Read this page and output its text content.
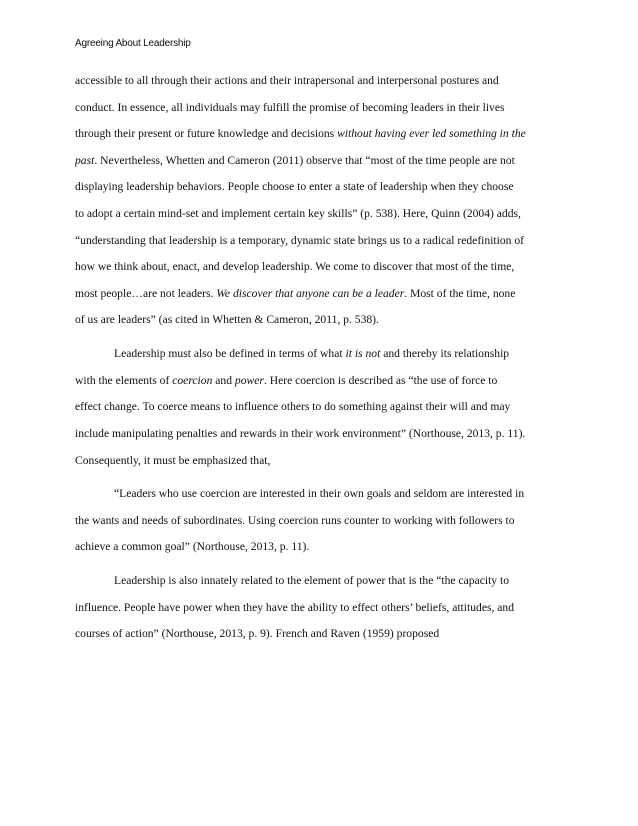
Agreeing About Leadership
accessible to all through their actions and their intrapersonal and interpersonal postures and
conduct. In essence, all individuals may fulfill the promise of becoming leaders in their lives
through their present or future knowledge and decisions without having ever led something in the
past. Nevertheless, Whetten and Cameron (2011) observe that “most of the time people are not
displaying leadership behaviors. People choose to enter a state of leadership when they choose
to adopt a certain mind-set and implement certain key skills” (p. 538). Here, Quinn (2004) adds,
“understanding that leadership is a temporary, dynamic state brings us to a radical redefinition of
how we think about, enact, and develop leadership. We come to discover that most of the time,
most people…are not leaders. We discover that anyone can be a leader. Most of the time, none
of us are leaders” (as cited in Whetten & Cameron, 2011, p. 538).
Leadership must also be defined in terms of what it is not and thereby its relationship
with the elements of coercion and power. Here coercion is described as “the use of force to
effect change. To coerce means to influence others to do something against their will and may
include manipulating penalties and rewards in their work environment” (Northouse, 2013, p. 11).
Consequently, it must be emphasized that,
“Leaders who use coercion are interested in their own goals and seldom are interested in
the wants and needs of subordinates. Using coercion runs counter to working with followers to
achieve a common goal” (Northouse, 2013, p. 11).
Leadership is also innately related to the element of power that is the “the capacity to
influence. People have power when they have the ability to effect others’ beliefs, attitudes, and
courses of action” (Northouse, 2013, p. 9). French and Raven (1959) proposed
